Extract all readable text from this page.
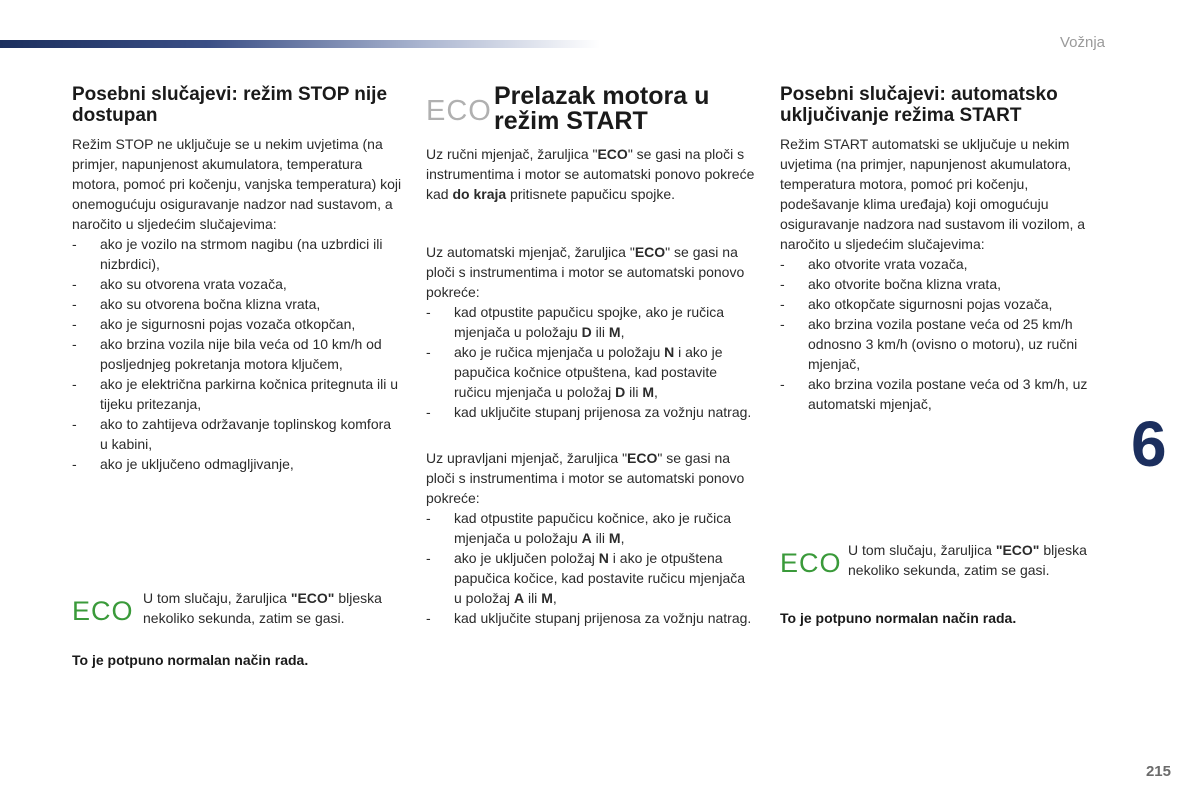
Vožnja
6
215
Posebni slučajevi: režim STOP nije dostupan

Režim STOP ne uključuje se u nekim uvjetima (na primjer, napunjenost akumulatora, temperatura motora, pomoć pri kočenju, vanjska temperatura) koji onemogućuju osiguravanje nadzor nad sustavom, a naročito u sljedećim slučajevima:

- ako je vozilo na strmom nagibu (na uzbrdici ili nizbrdici),
- ako su otvorena vrata vozača,
- ako su otvorena bočna klizna vrata,
- ako je sigurnosni pojas vozača otkopčan,
- ako brzina vozila nije bila veća od 10 km/h od posljednjeg pokretanja motora ključem,
- ako je električna parkirna kočnica pritegnuta ili u tijeku pritezanja,
- ako to zahtijeva održavanje toplinskog komfora u kabini,
- ako je uključeno odmagljivanje,
ECO U tom slučaju, žaruljica "ECO" bljeska nekoliko sekunda, zatim se gasi.
To je potpuno normalan način rada.
ECO Prelazak motora u
režim START

Uz ručni mjenjač, žaruljica "ECO" se gasi na ploči s instrumentima i motor se automatski ponovo pokreće kad do kraja pritisnete papučicu spojke.

Uz automatski mjenjač, žaruljica "ECO" se gasi na ploči s instrumentima i motor se automatski ponovo pokreće:

- kad otpustite papučicu spojke, ako je ručica mjenjača u položaju D ili M,
- ako je ručica mjenjača u položaju N i ako je papučica kočnice otpuštena, kad postavite ručicu mjenjača u položaj D ili M,
- kad uključite stupanj prijenosa za vožnju natrag.

Uz upravljani mjenjač, žaruljica "ECO" se gasi na ploči s instrumentima i motor se automatski ponovo pokreće:

- kad otpustite papučicu kočnice, ako je ručica mjenjača u položaju A ili M,
- ako je uključen položaj N i ako je otpuštena papučica kočice, kad postavite ručicu mjenjača u položaj A ili M,
- kad uključite stupanj prijenosa za vožnju natrag.
Posebni slučajevi: automatsko uključivanje režima START

Režim START automatski se uključuje u nekim uvjetima (na primjer, napunjenost akumulatora, temperatura motora, pomoć pri kočenju, podešavanje klima uređaja) koji omogućuju osiguravanje nadzora nad sustavom ili vozilom, a naročito u sljedećim slučajevima:

- ako otvorite vrata vozača,
- ako otvorite bočna klizna vrata,
- ako otkopčate sigurnosni pojas vozača,
- ako brzina vozila postane veća od 25 km/h odnosno 3 km/h (ovisno o motoru), uz ručni mjenjač,
- ako brzina vozila postane veća od 3 km/h, uz automatski mjenjač,
ECO U tom slučaju, žaruljica "ECO" bljeska nekoliko sekunda, zatim se gasi.
To je potpuno normalan način rada.
